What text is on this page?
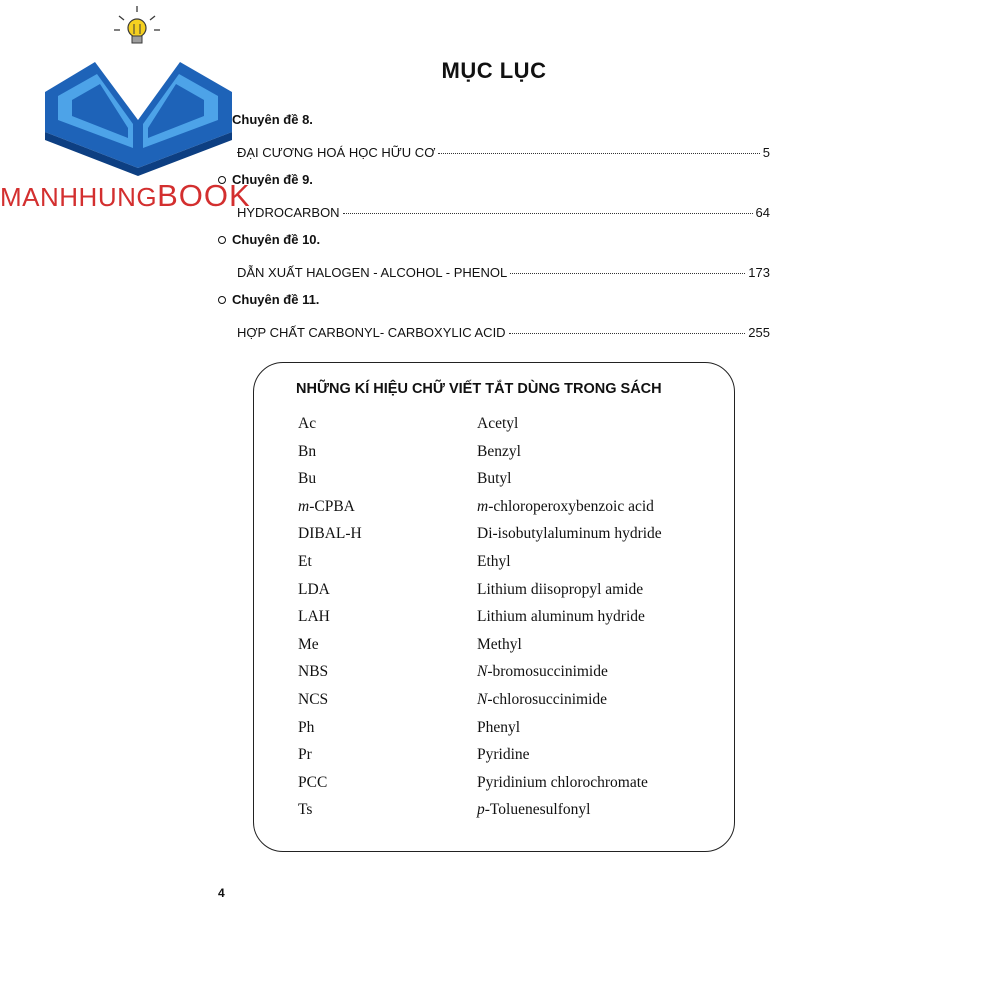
MANHHUNGBOOK
MỤC LỤC
Chuyên đề 8.
ĐẠI CƯƠNG HOÁ HỌC HỮU CƠ	5
Chuyên đề 9.
HYDROCARBON	64
Chuyên đề 10.
DẪN XUẤT HALOGEN - ALCOHOL - PHENOL	173
Chuyên đề 11.
HỢP CHẤT CARBONYL- CARBOXYLIC ACID	255
NHỮNG KÍ HIỆU CHỮ VIẾT TẮT DÙNG TRONG SÁCH
Ac	Acetyl
Bn	Benzyl
Bu	Butyl
m-CPBA	m-chloroperoxybenzoic acid
DIBAL-H	Di-isobutylaluminum hydride
Et	Ethyl
LDA	Lithium diisopropyl amide
LAH	Lithium aluminum hydride
Me	Methyl
NBS	N-bromosuccinimide
NCS	N-chlorosuccinimide
Ph	Phenyl
Pr	Pyridine
PCC	Pyridinium chlorochromate
Ts	p-Toluenesulfonyl
4
